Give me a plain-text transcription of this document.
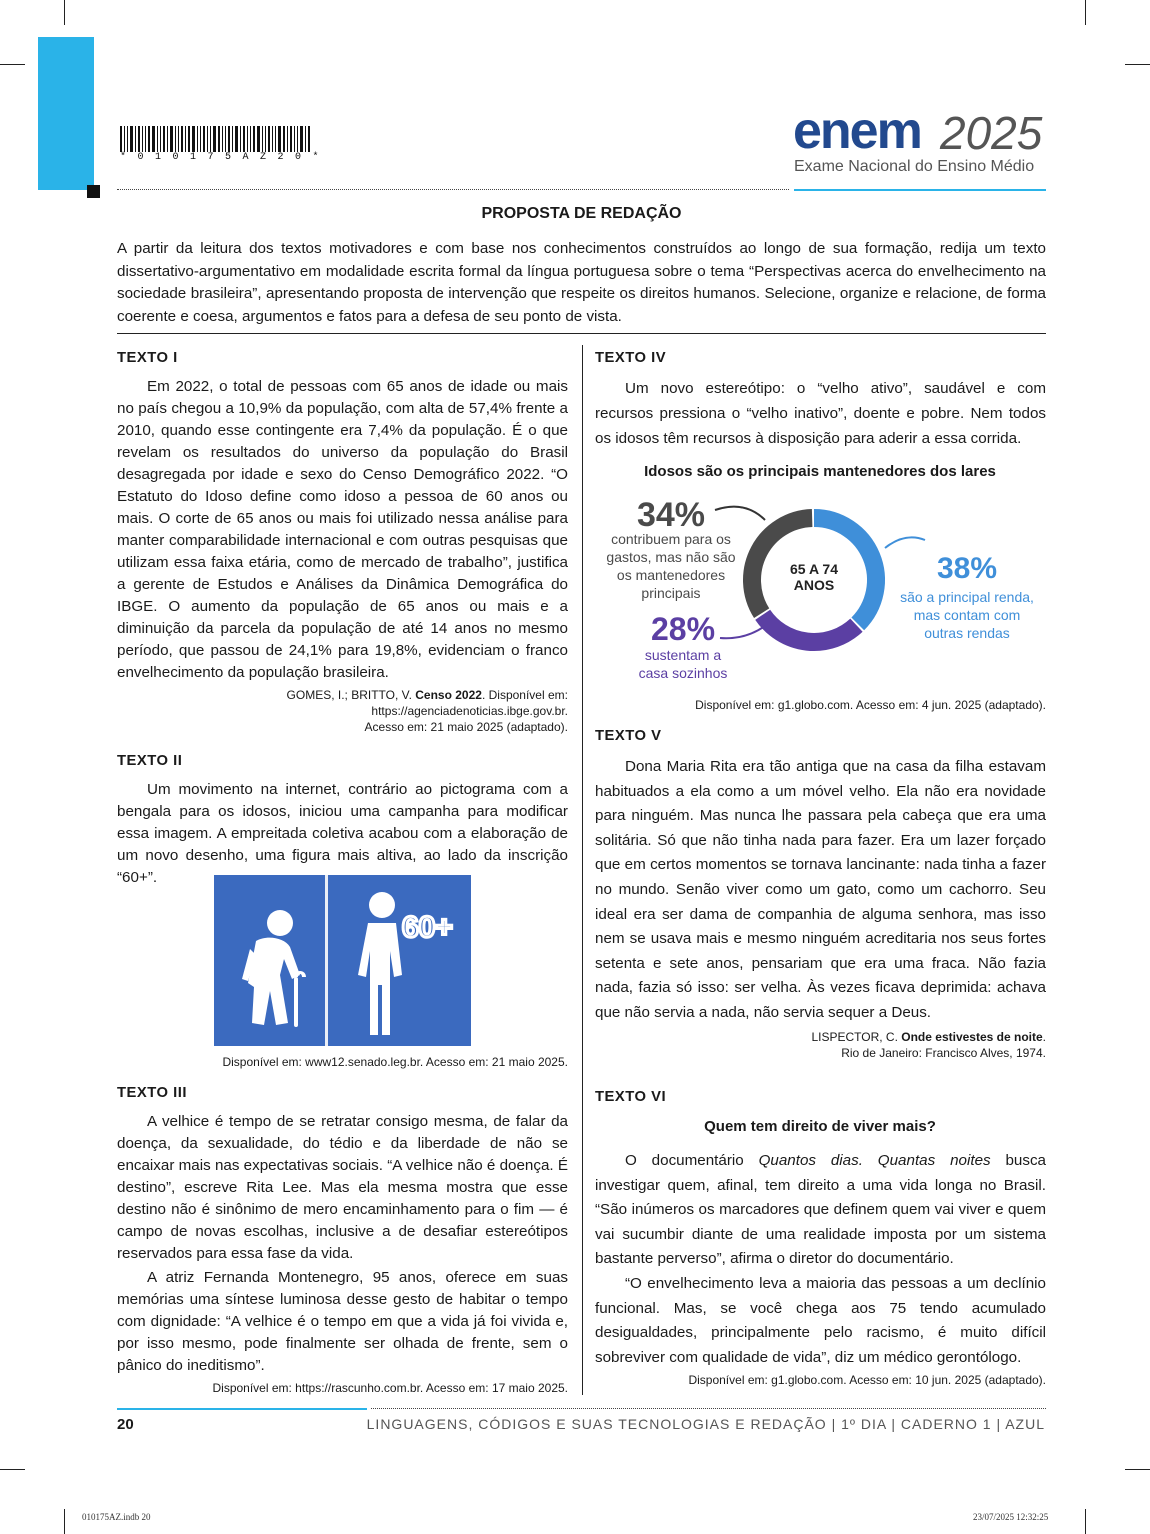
*010175AZ20*	enem 2025
Exame Nacional do Ensino Médio
PROPOSTA DE REDAÇÃO
A partir da leitura dos textos motivadores e com base nos conhecimentos construídos ao longo de sua formação, redija um texto dissertativo-argumentativo em modalidade escrita formal da língua portuguesa sobre o tema “Perspectivas acerca do envelhecimento na sociedade brasileira”, apresentando proposta de intervenção que respeite os direitos humanos. Selecione, organize e relacione, de forma coerente e coesa, argumentos e fatos para a defesa de seu ponto de vista.
TEXTO I

Em 2022, o total de pessoas com 65 anos de idade ou mais no país chegou a 10,9% da população, com alta de 57,4% frente a 2010, quando esse contingente era 7,4% da população. É o que revelam os resultados do universo da população do Brasil desagregada por idade e sexo do Censo Demográfico 2022. “O Estatuto do Idoso define como idoso a pessoa de 60 anos ou mais. O corte de 65 anos ou mais foi utilizado nessa análise para manter comparabilidade internacional e com outras pesquisas que utilizam essa faixa etária, como de mercado de trabalho”, justifica a gerente de Estudos e Análises da Dinâmica Demográfica do IBGE. O aumento da população de 65 anos ou mais e a diminuição da parcela da população de até 14 anos no mesmo período, que passou de 24,1% para 19,8%, evidenciam o franco envelhecimento da população brasileira.

GOMES, I.; BRITTO, V. Censo 2022. Disponível em:
https://agenciadenoticias.ibge.gov.br.
Acesso em: 21 maio 2025 (adaptado).
TEXTO II

Um movimento na internet, contrário ao pictograma com a bengala para os idosos, iniciou uma campanha para modificar essa imagem. A empreitada coletiva acabou com a elaboração de um novo desenho, uma figura mais altiva, ao lado da inscrição “60+”.

60+
Disponível em: www12.senado.leg.br. Acesso em: 21 maio 2025.
TEXTO III

A velhice é tempo de se retratar consigo mesma, de falar da doença, da sexualidade, do tédio e da liberdade de não se encaixar mais nas expectativas sociais. “A velhice não é doença. É destino”, escreve Rita Lee. Mas ela mesma mostra que esse destino não é sinônimo de mero encaminhamento para o fim — é campo de novas escolhas, inclusive a de desafiar estereótipos reservados para essa fase da vida.

A atriz Fernanda Montenegro, 95 anos, oferece em suas memórias uma síntese luminosa desse gesto de habitar o tempo com dignidade: “A velhice é o tempo em que a vida já foi vivida e, por isso mesmo, pode finalmente ser olhada de frente, sem o pânico do ineditismo”.

Disponível em: https://rascunho.com.br. Acesso em: 17 maio 2025.
TEXTO IV

Um novo estereótipo: o “velho ativo”, saudável e com recursos pressiona o “velho inativo”, doente e pobre. Nem todos os idosos têm recursos à disposição para aderir a essa corrida.

Idosos são os principais mantenedores dos lares
65 A 74
ANOS	38%
são a principal renda,
mas contam com
outras rendas
28%
sustentam a
casa sozinhos
34%
contribuem para os
gastos, mas não são
os mantenedores
principais
Disponível em: g1.globo.com. Acesso em: 4 jun. 2025 (adaptado).
TEXTO V

Dona Maria Rita era tão antiga que na casa da filha estavam habituados a ela como a um móvel velho. Ela não era novidade para ninguém. Mas nunca lhe passara pela cabeça que era uma solitária. Só que não tinha nada para fazer. Era um lazer forçado que em certos momentos se tornava lancinante: nada tinha a fazer no mundo. Senão viver como um gato, como um cachorro. Seu ideal era ser dama de companhia de alguma senhora, mas isso nem se usava mais e mesmo ninguém acreditaria nos seus fortes setenta e sete anos, pensariam que era uma fraca. Não fazia nada, fazia só isso: ser velha. Às vezes ficava deprimida: achava que não servia a nada, não servia sequer a Deus.

LISPECTOR, C. Onde estivestes de noite.
Rio de Janeiro: Francisco Alves, 1974.
TEXTO VI
Quem tem direito de viver mais?

O documentário Quantos dias. Quantas noites busca investigar quem, afinal, tem direito a uma vida longa no Brasil. “São inúmeros os marcadores que definem quem vai viver e quem vai sucumbir diante de uma realidade imposta por um sistema bastante perverso”, afirma o diretor do documentário.

“O envelhecimento leva a maioria das pessoas a um declínio funcional. Mas, se você chega aos 75 tendo acumulado desigualdades, principalmente pelo racismo, é muito difícil sobreviver com qualidade de vida”, diz um médico gerontólogo.

Disponível em: g1.globo.com. Acesso em: 10 jun. 2025 (adaptado).
20	LINGUAGENS, CÓDIGOS E SUAS TECNOLOGIAS E REDAÇÃO | 1º DIA | CADERNO 1 | AZUL
010175AZ.indb 20	23/07/2025 12:32:25
